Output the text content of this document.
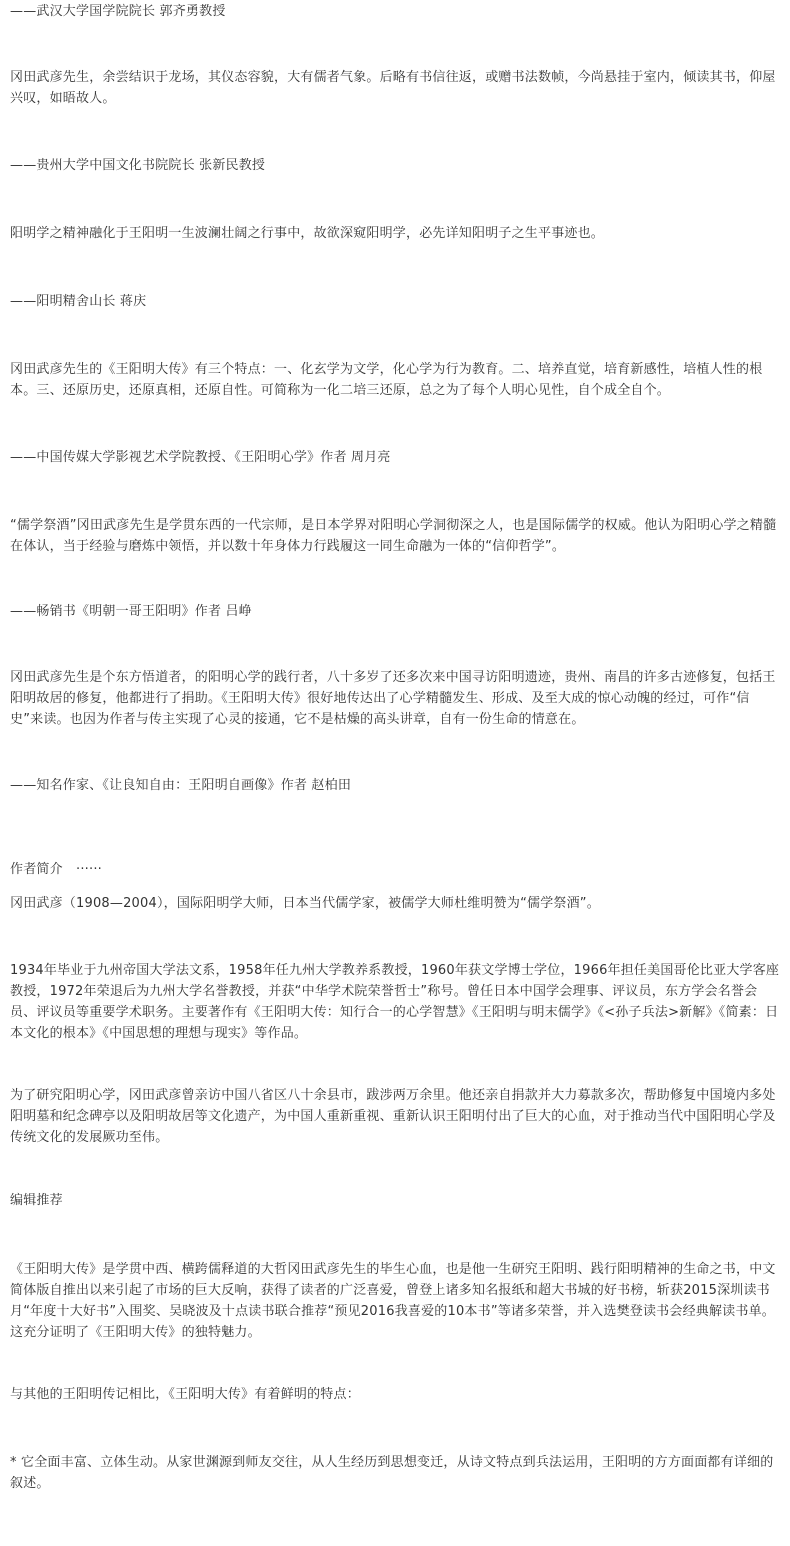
——武汉大学国学院院长 郭齐勇教授

冈田武彦先生，余尝结识于龙场，其仪态容貌，大有儒者气象。后略有书信往返，或赠书法数帧，今尚悬挂于室内，倾读其书，仰屋兴叹，如晤故人。

——贵州大学中国文化书院院长 张新民教授

阳明学之精神融化于王阳明一生波澜壮阔之行事中，故欲深窥阳明学，必先详知阳明子之生平事迹也。

——阳明精舍山长 蒋庆

冈田武彦先生的《王阳明大传》有三个特点：一、化玄学为文学，化心学为行为教育。二、培养直觉，培育新感性，培植人性的根本。三、还原历史，还原真相，还原自性。可简称为一化二培三还原，总之为了每个人明心见性，自个成全自个。

——中国传媒大学影视艺术学院教授、《王阳明心学》作者 周月亮

“儒学祭酒”冈田武彦先生是学贯东西的一代宗师，是日本学界对阳明心学洞彻深之人，也是国际儒学的权威。他认为阳明心学之精髓在体认，当于经验与磨炼中领悟，并以数十年身体力行践履这一同生命融为一体的“信仰哲学”。

——畅销书《明朝一哥王阳明》作者 吕峥

冈田武彦先生是个东方悟道者，的阳明心学的践行者，八十多岁了还多次来中国寻访阳明遗迹，贵州、南昌的许多古迹修复，包括王阳明故居的修复，他都进行了捐助。《王阳明大传》很好地传达出了心学精髓发生、形成、及至大成的惊心动魄的经过，可作“信史”来读。也因为作者与传主实现了心灵的接通，它不是枯燥的高头讲章，自有一份生命的情意在。

——知名作家、《让良知自由：王阳明自画像》作者 赵柏田

作者简介　······

冈田武彦（1908—2004），国际阳明学大师，日本当代儒学家，被儒学大师杜维明赞为“儒学祭酒”。

1934年毕业于九州帝国大学法文系，1958年任九州大学教养系教授，1960年获文学博士学位，1966年担任美国哥伦比亚大学客座教授，1972年荣退后为九州大学名誉教授，并获“中华学术院荣誉哲士”称号。曾任日本中国学会理事、评议员，东方学会名誉会员、评议员等重要学术职务。主要著作有《王阳明大传：知行合一的心学智慧》《王阳明与明末儒学》《<孙子兵法>新解》《简素：日本文化的根本》《中国思想的理想与现实》等作品。

为了研究阳明心学，冈田武彦曾亲访中国八省区八十余县市，跋涉两万余里。他还亲自捐款并大力募款多次，帮助修复中国境内多处阳明墓和纪念碑亭以及阳明故居等文化遗产，为中国人重新重视、重新认识王阳明付出了巨大的心血，对于推动当代中国阳明心学及传统文化的发展厥功至伟。

编辑推荐

《王阳明大传》是学贯中西、横跨儒释道的大哲冈田武彦先生的毕生心血，也是他一生研究王阳明、践行阳明精神的生命之书，中文简体版自推出以来引起了市场的巨大反响，获得了读者的广泛喜爱，曾登上诸多知名报纸和超大书城的好书榜，斩获2015深圳读书月“年度十大好书”入围奖、吴晓波及十点读书联合推荐“预见2016我喜爱的10本书”等诸多荣誉，并入选樊登读书会经典解读书单。这充分证明了《王阳明大传》的独特魅力。

与其他的王阳明传记相比，《王阳明大传》有着鲜明的特点：

* 它全面丰富、立体生动。从家世渊源到师友交往，从人生经历到思想变迁，从诗文特点到兵法运用，王阳明的方方面面都有详细的叙述。
